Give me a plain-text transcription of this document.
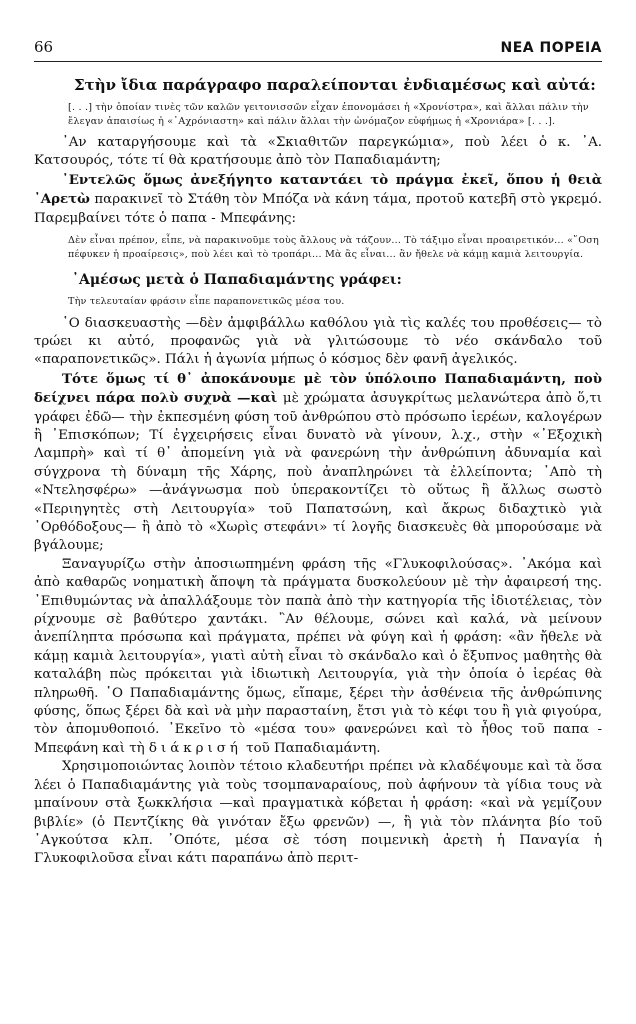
66	ΝΕΑ ΠΟΡΕΙΑ
Στὴν ἴδια παράγραφο παραλείπονται ἐνδιαμέσως καὶ αὐτά:
[. . .] τὴν ὁποίαν τινὲς τῶν καλῶν γειτονισσῶν εἶχαν ἐπονομάσει ἡ «Χρονίστρα», καὶ ἄλλαι πάλιν τὴν ἔλεγαν ἀπαισίως ἡ «᾿Αχρόνιαστη» καὶ πάλιν ἄλλαι τὴν ὠνόμαζον εὐφήμως ἡ «Χρονιάρα» [. . .].

᾿Αν καταργήσουμε καὶ τὰ «Σκιαθιτῶν παρεγκώμια», ποὺ λέει ὁ κ. ᾿Α. Κατσουρός, τότε τί θὰ κρατήσουμε ἀπὸ τὸν Παπαδιαμάντη;

᾿Εντελῶς ὅμως ἀνεξήγητο καταντάει τὸ πράγμα ἐκεῖ, ὅπου ἡ θειὰ ᾿Αρετὼ παρακινεῖ τὸ Στάθη τὸν Μπόζα νὰ κάνη τάμα, προτοῦ κατεβῆ στὸ γκρεμό. Παρεμβαίνει τότε ὁ παπα - Μπεφάνης:

Δὲν εἶναι πρέπον, εἶπε, νὰ παρακινοῦμε τοὺς ἄλλους νὰ τάζουν... Τὸ τάξιμο εἶναι προαιρετικόν... «῞Οση πέφυκεν ἡ προαίρεσις», ποὺ λέει καὶ τὸ τροπάρι... Μὰ ἂς εἶναι... ἂν ἤθελε νὰ κάμῃ καμιὰ λειτουργία.
᾿Αμέσως μετὰ ὁ Παπαδιαμάντης γράφει:
Τὴν τελευταίαν φράσιν εἶπε παραπονετικῶς μέσα του.

῾Ο διασκευαστὴς —δὲν ἀμφιβάλλω καθόλου γιὰ τὶς καλές του προθέσεις— τὸ τρώει κι αὐτό, προφανῶς γιὰ νὰ γλιτώσουμε τὸ νέο σκάνδαλο τοῦ «παραπονετικῶς». Πάλι ἡ ἀγωνία μήπως ὁ κόσμος δὲν φανῆ ἀγελικός.

Τότε ὅμως τί θ᾿ ἀποκάνουμε μὲ τὸν ὑπόλοιπο Παπαδιαμάντη, ποὺ δείχνει πάρα πολὺ συχνὰ —καὶ μὲ χρώματα ἀσυγκρίτως μελανώτερα ἀπὸ ὅ,τι γράφει ἐδῶ— τὴν ἐκπεσμένη φύση τοῦ ἀνθρώπου στὸ πρόσωπο ἱερέων, καλογέρων ἢ ᾿Επισκόπων; Τί ἐγχειρήσεις εἶναι δυνατὸ νὰ γίνουν, λ.χ., στὴν «᾿Εξοχικὴ Λαμπρὴ» καὶ τί θ᾿ ἀπομείνη γιὰ νὰ φανερώνη τὴν ἀνθρώπινη ἀδυναμία καὶ σύγχρονα τὴ δύναμη τῆς Χάρης, ποὺ ἀναπληρώνει τὰ ἐλλείποντα; ᾿Απὸ τὴ «Ντελησφέρω» —ἀνάγνωσμα ποὺ ὑπερακοντίζει τὸ οὕτως ἢ ἄλλως σωστὸ «Περιηγητὲς στὴ Λειτουργία» τοῦ Παπατσώνη, καὶ ἄκρως διδαχτικὸ γιὰ ᾿Ορθόδοξους— ἢ ἀπὸ τὸ «Χωρὶς στεφάνι» τί λογῆς διασκευὲς θὰ μπορούσαμε νὰ βγάλουμε;

Ξαναγυρίζω στὴν ἀποσιωπημένη φράση τῆς «Γλυκοφιλούσας». ᾿Ακόμα καὶ ἀπὸ καθαρῶς νοηματικὴ ἄποψη τὰ πράγματα δυσκολεύουν μὲ τὴν ἀφαιρεσή της. ᾿Επιθυμώντας νὰ ἀπαλλάξουμε τὸν παπὰ ἀπὸ τὴν κατηγορία τῆς ἰδιοτέλειας, τὸν ρίχνουμε σὲ βαθύτερο χαντάκι. ῍Αν θέλουμε, σώνει καὶ καλά, νὰ μείνουν ἀνεπίληπτα πρόσωπα καὶ πράγματα, πρέπει νὰ φύγη καὶ ἡ φράση: «ἂν ἤθελε νὰ κάμῃ καμιὰ λειτουργία», γιατὶ αὐτὴ εἶναι τὸ σκάνδαλο καὶ ὁ ἔξυπνος μαθητὴς θὰ καταλάβη πὼς πρόκειται γιὰ ἰδιωτικὴ Λειτουργία, γιὰ τὴν ὁποία ὁ ἱερέας θὰ πληρωθῆ. ῾Ο Παπαδιαμάντης ὅμως, εἴπαμε, ξέρει τὴν ἀσθένεια τῆς ἀνθρώπινης φύσης, ὅπως ξέρει δὰ καὶ νὰ μὴν παρασταίνη, ἔτσι γιὰ τὸ κέφι του ἢ γιὰ φιγούρα, τὸν ἀπομυθοποιό. ᾿Εκεῖνο τὸ «μέσα του» φανερώνει καὶ τὸ ἦθος τοῦ παπα - Μπεφάνη καὶ τὴ διάκρισή τοῦ Παπαδιαμάντη.

Χρησιμοποιώντας λοιπὸν τέτοιο κλαδευτήρι πρέπει νὰ κλαδέψουμε καὶ τὰ ὅσα λέει ὁ Παπαδιαμάντης γιὰ τοὺς τσομπαναραίους, ποὺ ἀφήνουν τὰ γίδια τους νὰ μπαίνουν στὰ ξωκκλήσια —καὶ πραγματικὰ κόβεται ἡ φράση: «καὶ νὰ γεμίζουν βιβλίε» (ὁ Πεντζίκης θὰ γινόταν ἔξω φρενῶν) —, ἢ γιὰ τὸν πλάνητα βίο τοῦ ᾿Αγκούτσα κλπ. ᾿Οπότε, μέσα σὲ τόση ποιμενικὴ ἀρετὴ ἡ Παναγία ἡ Γλυκοφιλοῦσα εἶναι κάτι παραπάνω ἀπὸ περιτ-
